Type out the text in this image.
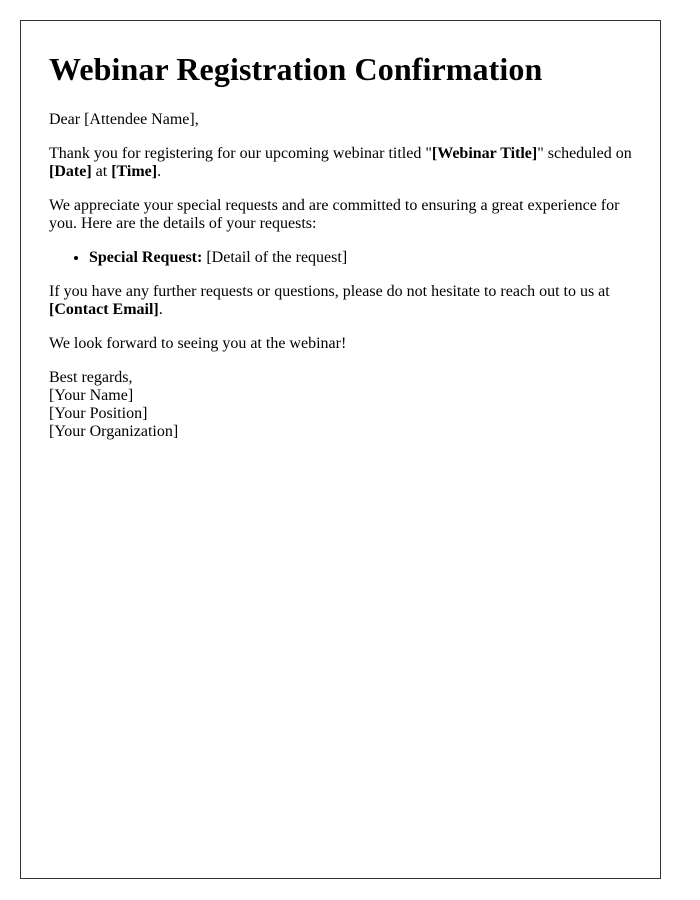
Webinar Registration Confirmation

Dear [Attendee Name],

Thank you for registering for our upcoming webinar titled "[Webinar Title]" scheduled on [Date] at [Time].

We appreciate your special requests and are committed to ensuring a great experience for you. Here are the details of your requests:

• Special Request: [Detail of the request]

If you have any further requests or questions, please do not hesitate to reach out to us at [Contact Email].

We look forward to seeing you at the webinar!

Best regards,
[Your Name]
[Your Position]
[Your Organization]
